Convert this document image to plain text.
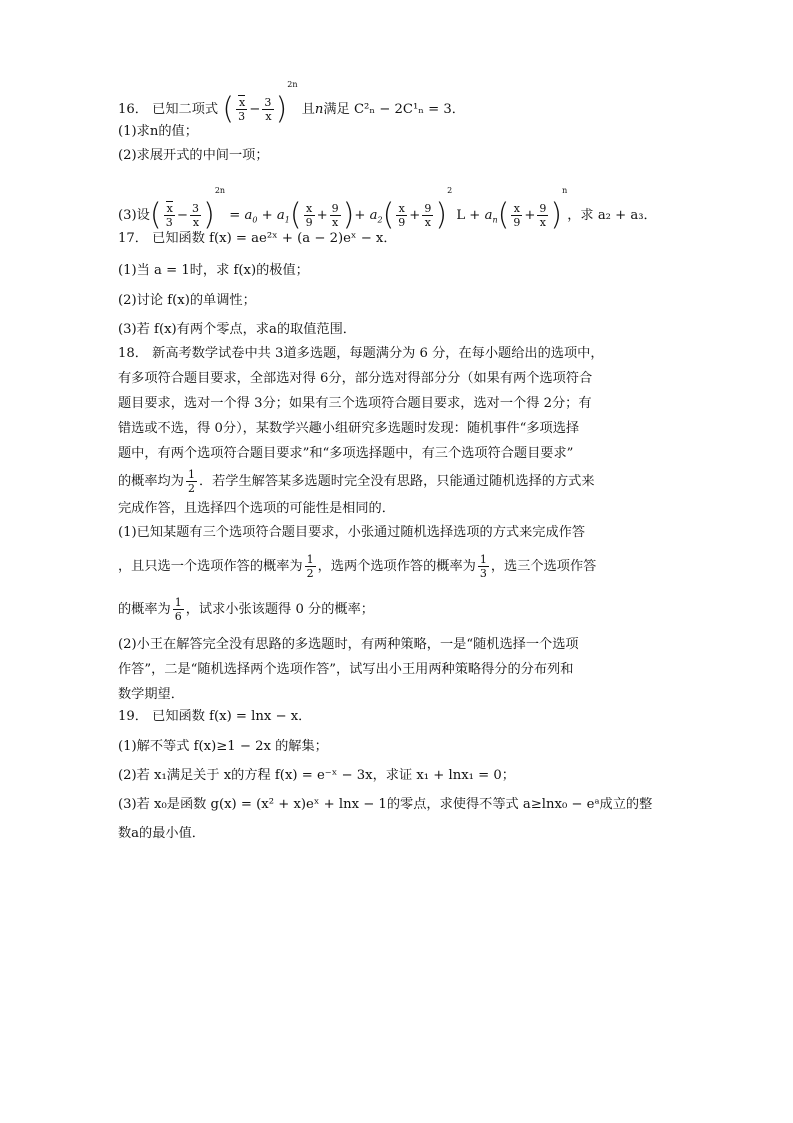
16． 已知二项式 ( $\frac{x}{3} - \frac{3}{x} )^{2n}$ 且n满足 C²ₙ − 2C¹ₙ = 3．
(1)求n的值；
(2)求展开式的中间一项；
(3)设( $\frac{x}{3} - \frac{3}{x} )^{2n} = a_0 + a_1( \frac{x}{9} + \frac{9}{x}$ )+ $a_2( \frac{x}{9} + \frac{9}{x} )^2$ $L + a_n( \frac{x}{9} + \frac{9}{x} )^n$，求 a₂ + a₃．
17． 已知函数 f(x) = ae²ˣ + (a − 2)eˣ − x．
(1)当 a = 1时，求 f(x)的极值；
(2)讨论 f(x)的单调性；
(3)若 f(x)有两个零点，求a的取值范围．
18． 新高考数学试卷中共 3道多选题，每题满分为 6 分，在每小题给出的选项中，
有多项符合题目要求，全部选对得 6分，部分选对得部分分（如果有两个选项符合
题目要求，选对一个得 3分；如果有三个选项符合题目要求，选对一个得 2分；有
错选或不选，得 0分），某数学兴趣小组研究多选题时发现：随机事件“多项选择
题中，有两个选项符合题目要求”和“多项选择题中，有三个选项符合题目要求”
的概率均为 $\frac{1}{2}$ ．若学生解答某多选题时完全没有思路，只能通过随机选择的方式来
完成作答，且选择四个选项的可能性是相同的．
(1)已知某题有三个选项符合题目要求，小张通过随机选择选项的方式来完成作答
，且只选一个选项作答的概率为 $\frac{1}{2}$ ，选两个选项作答的概率为 $\frac{1}{3}$ ，选三个选项作答
的概率为 $\frac{1}{6}$ ，试求小张该题得 0 分的概率；
(2)小王在解答完全没有思路的多选题时，有两种策略，一是“随机选择一个选项
作答”，二是“随机选择两个选项作答”，试写出小王用两种策略得分的分布列和
数学期望．
19． 已知函数 f(x) = lnx − x．
(1)解不等式 f(x)≥1 − 2x 的解集；
(2)若 x₁满足关于 x的方程 f(x) = e⁻ˣ − 3x，求证 x₁ + lnx₁ = 0；
(3)若 x₀是函数 g(x) = (x² + x)eˣ + lnx − 1的零点，求使得不等式 a≥lnx₀ − eᵃ成立的整
数a的最小值．
